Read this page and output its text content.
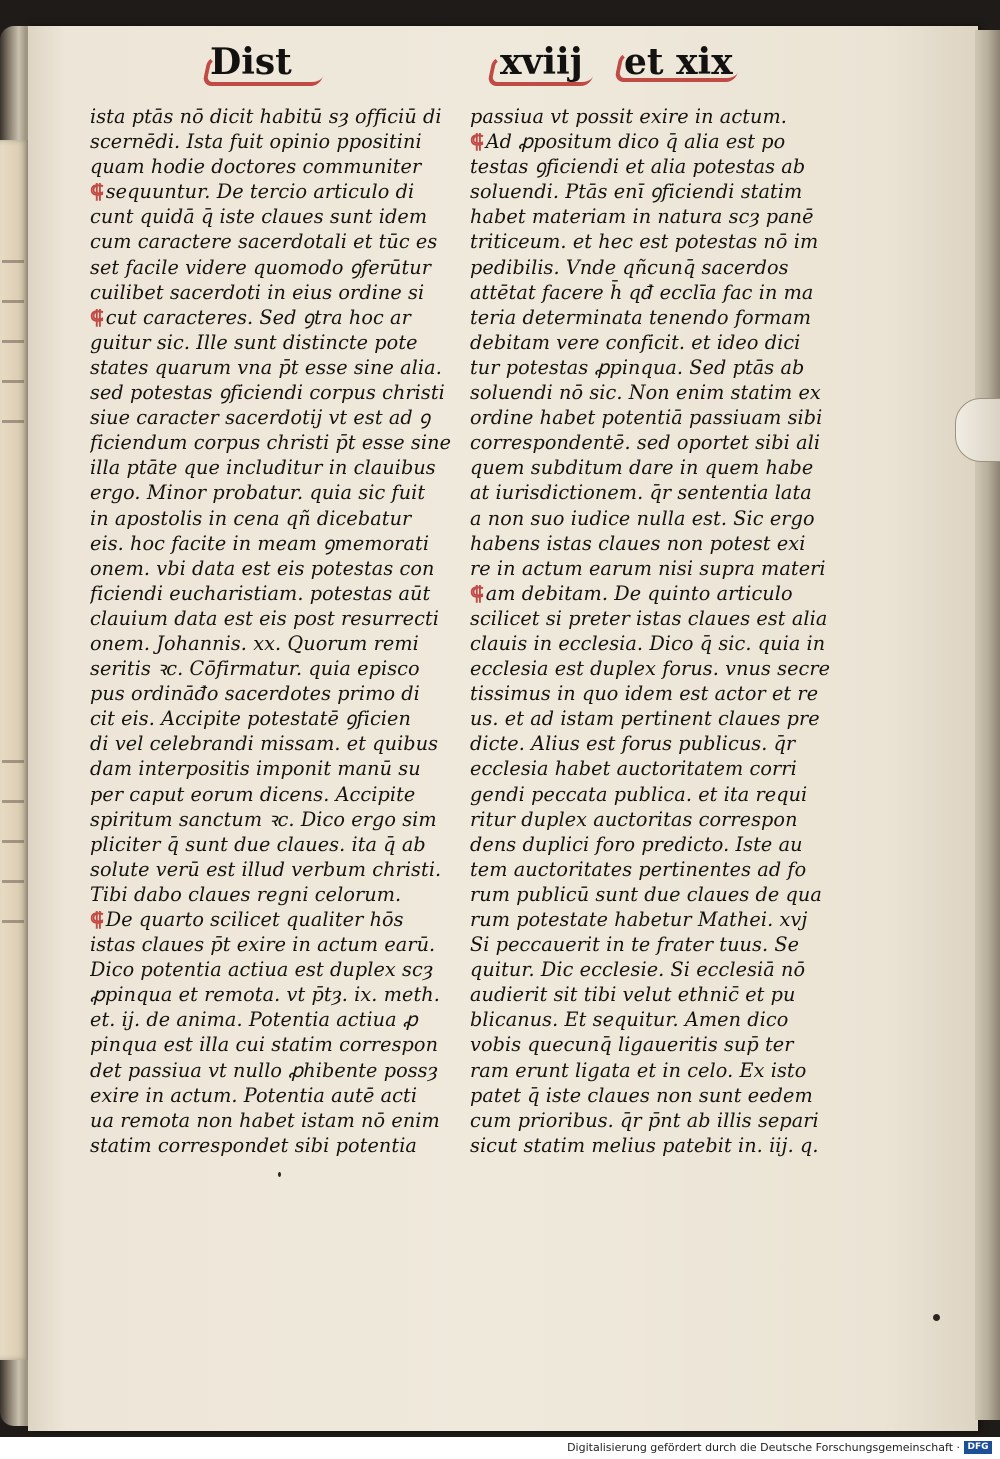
Dist	xviij et xix
ista ptās nō dicit habitū sȝ officiū di
scernēdi. Ista fuit opinio ppositini
quam hodie doctores communiter
⸿ sequuntur. De tercio articulo di
cunt quidā q̄ iste claues sunt idem
cum caractere sacerdotali et tūc es
set facile videre quomodo ꝯferūtur
cuilibet sacerdoti in eius ordine si
⸿ cut caracteres. Sed ꝯtra hoc ar
guitur sic. Ille sunt distincte pote
states quarum vna p̄t esse sine alia.
sed potestas ꝯficiendi corpus christi
siue caracter sacerdotij vt est ad ꝯ
ficiendum corpus christi p̄t esse sine
illa ptāte que includitur in clauibus
ergo. Minor probatur. quia sic fuit
in apostolis in cena qñ dicebatur
eis. hoc facite in meam ꝯmemorati
onem. vbi data est eis potestas con
ficiendi eucharistiam. potestas aūt
clauium data est eis post resurrecti
onem. Johannis. xx. Quorum remi
seritis ꝛc. Cōfirmatur. quia episco
pus ordināđo sacerdotes primo di
cit eis. Accipite potestatē ꝯficien
di vel celebrandi missam. et quibus
dam interpositis imponit manū su
per caput eorum dicens. Accipite
spiritum sanctum ꝛc. Dico ergo sim
pliciter q̄ sunt due claues. ita q̄ ab
solute verū est illud verbum christi.
Tibi dabo claues regni celorum.
⸿ De quarto scilicet qualiter hōs
istas claues p̄t exire in actum earū.
Dico potentia actiua est duplex scȝ
ꝓpinqua et remota. vt p̄tȝ. ix. meth.
et. ij. de anima. Potentia actiua ꝓ
pinqua est illa cui statim correspon
det passiua vt nullo ꝓhibente possȝ
exire in actum. Potentia autē acti
ua remota non habet istam nō enim
statim correspondet sibi potentia
passiua vt possit exire in actum.
⸿ Ad ꝓpositum dico q̄ alia est po
testas ꝯficiendi et alia potestas ab
soluendi. Ptās enī ꝯficiendi statim
habet materiam in natura scȝ panē
triticeum. et hec est potestas nō im
pedibilis. Vnde qñcunq̄ sacerdos
attētat facere h̄ qđ ecclīa fac in ma
teria determinata tenendo formam
debitam vere conficit. et ideo dici
tur potestas ꝓpinqua. Sed ptās ab
soluendi nō sic. Non enim statim ex
ordine habet potentiā passiuam sibi
correspondentē. sed oportet sibi ali
quem subditum dare in quem habe
at iurisdictionem. q̄r sententia lata
a non suo iudice nulla est. Sic ergo
habens istas claues non potest exi
re in actum earum nisi supra materi
⸿ am debitam. De quinto articulo
scilicet si preter istas claues est alia
clauis in ecclesia. Dico q̄ sic. quia in
ecclesia est duplex forus. vnus secre
tissimus in quo idem est actor et re
us. et ad istam pertinent claues pre
dicte. Alius est forus publicus. q̄r
ecclesia habet auctoritatem corri
gendi peccata publica. et ita requi
ritur duplex auctoritas correspon
dens duplici foro predicto. Iste au
tem auctoritates pertinentes ad fo
rum publicū sunt due claues de qua
rum potestate habetur Mathei. xvj
Si peccauerit in te frater tuus. Se
quitur. Dic ecclesie. Si ecclesiā nō
audierit sit tibi velut ethnic̄ et pu
blicanus. Et sequitur. Amen dico
vobis quecunq̄ ligaueritis sup̄ ter
ram erunt ligata et in celo. Ex isto
patet q̄ iste claues non sunt eedem
cum prioribus. q̄r p̄nt ab illis separi
sicut statim melius patebit in. iij. q.
Digitalisierung gefördert durch die Deutsche Forschungsgemeinschaft · DFG
